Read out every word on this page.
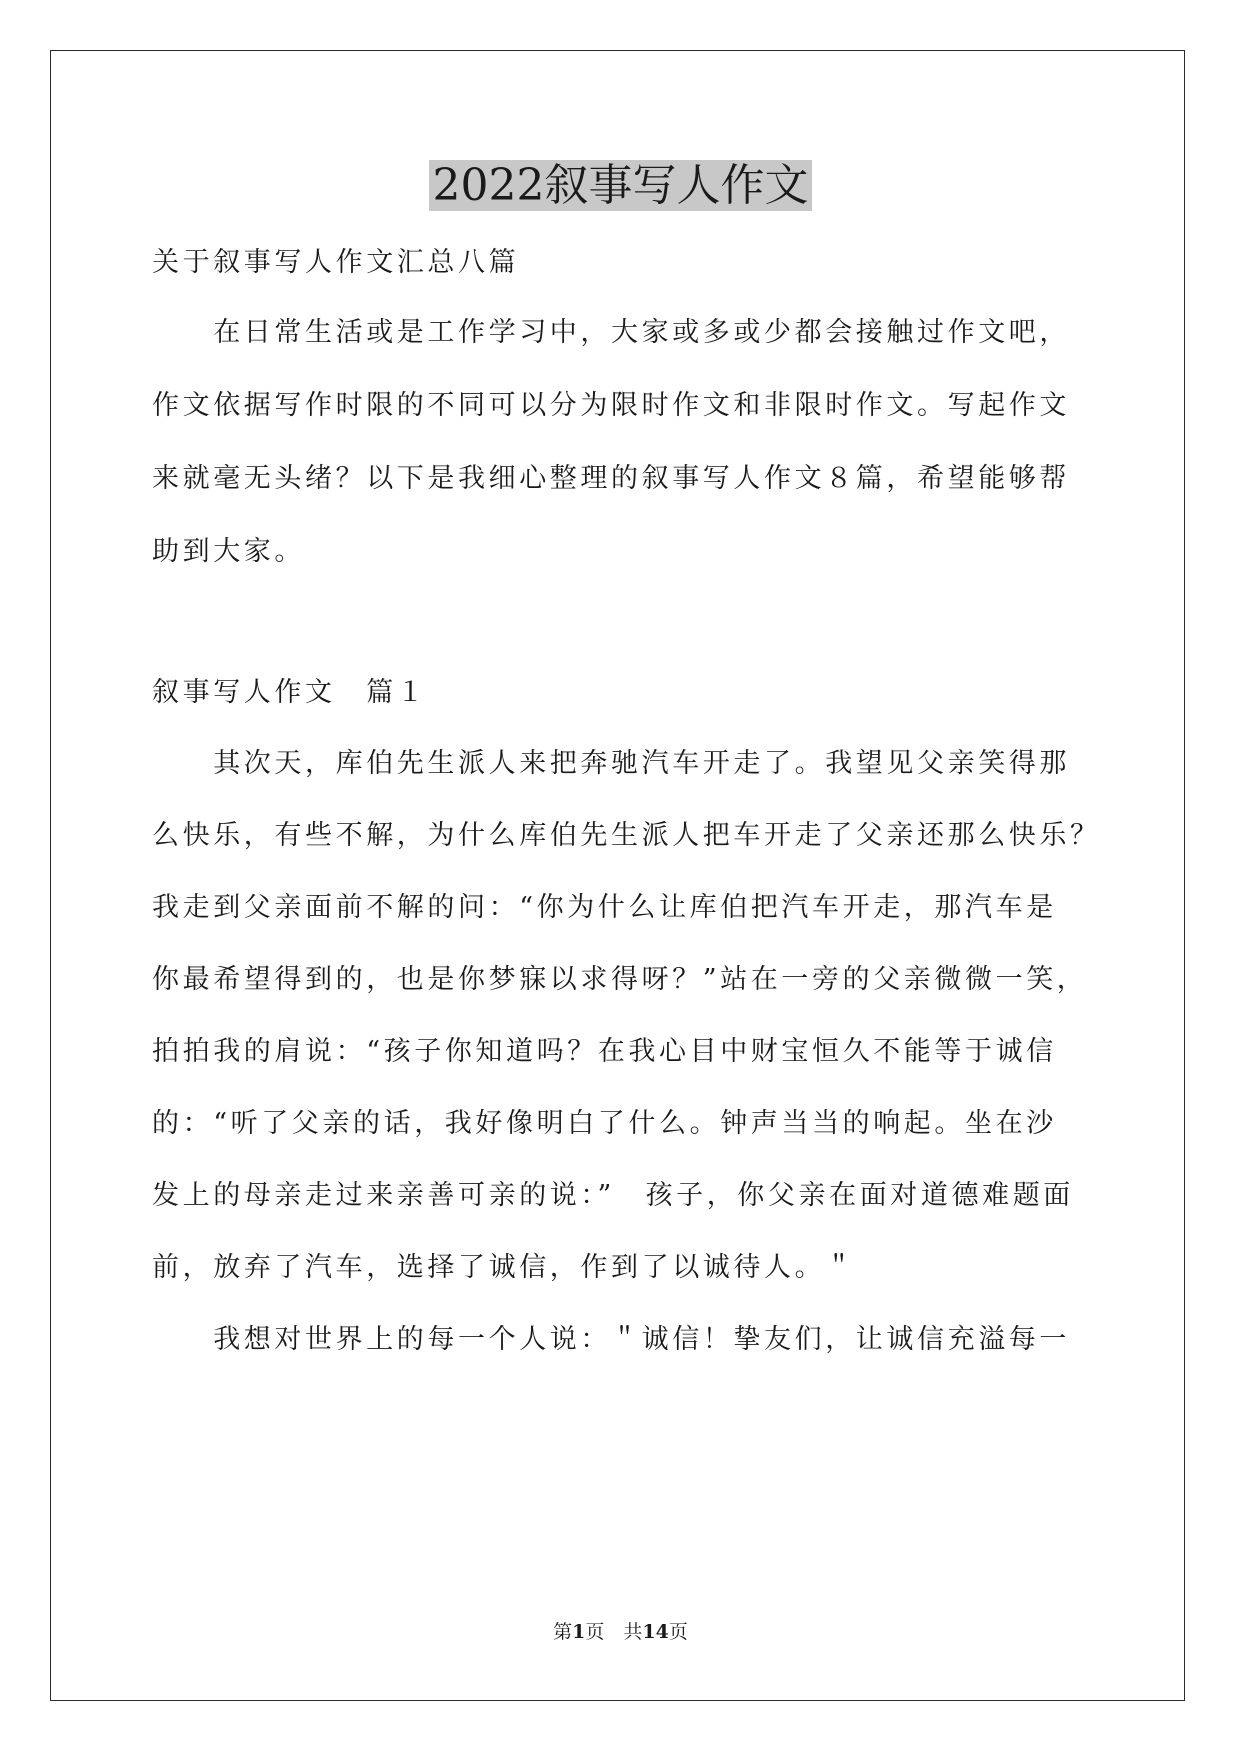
2022叙事写人作文
关于叙事写人作文汇总八篇
　　在日常生活或是工作学习中，大家或多或少都会接触过作文吧，
作文依据写作时限的不同可以分为限时作文和非限时作文。写起作文
来就毫无头绪？以下是我细心整理的叙事写人作文８篇，希望能够帮
助到大家。
叙事写人作文　篇１
　　其次天，库伯先生派人来把奔驰汽车开走了。我望见父亲笑得那
么快乐，有些不解，为什么库伯先生派人把车开走了父亲还那么快乐？
我走到父亲面前不解的问：“你为什么让库伯把汽车开走，那汽车是
你最希望得到的，也是你梦寐以求得呀？”站在一旁的父亲微微一笑，
拍拍我的肩说：“孩子你知道吗？在我心目中财宝恒久不能等于诚信
的：“听了父亲的话，我好像明白了什么。钟声当当的响起。坐在沙
发上的母亲走过来亲善可亲的说：”　孩子，你父亲在面对道德难题面
前，放弃了汽车，选择了诚信，作到了以诚待人。＂
　　我想对世界上的每一个人说：＂诚信！挚友们，让诚信充溢每一
第1页　共14页
